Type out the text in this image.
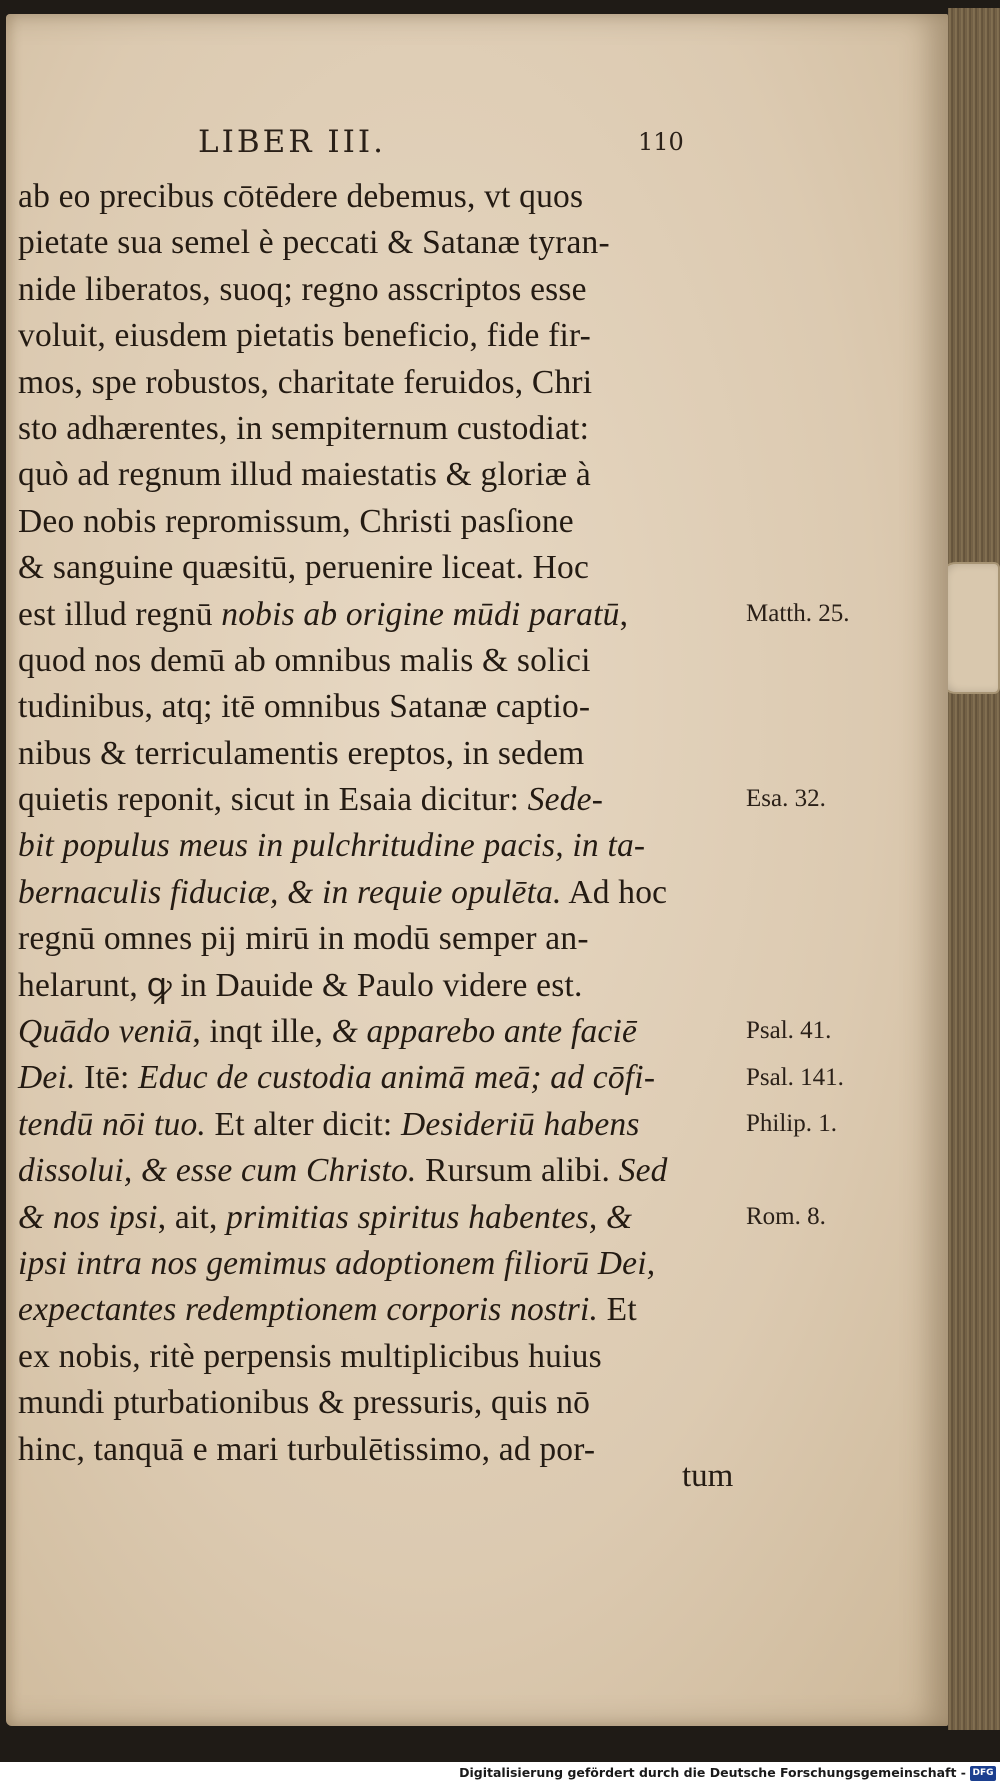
LIBER III.	110
ab eo precibus cōtēdere debemus, vt quos
pietate sua semel è peccati & Satanæ tyran-
nide liberatos, suoq; regno asscriptos esse
voluit, eiusdem pietatis beneficio, fide fir-
mos, spe robustos, charitate feruidos, Chri
sto adhærentes, in sempiternum custodiat:
quò ad regnum illud maiestatis & gloriæ à
Deo nobis repromissum, Christi pasſione
& sanguine quæsitū, peruenire liceat. Hoc
est illud regnū nobis ab origine mūdi paratū,
quod nos demū ab omnibus malis & solici
tudinibus, atq; itē omnibus Satanæ captio-
nibus & terriculamentis ereptos, in sedem
quietis reponit, sicut in Esaia dicitur: Sede-
bit populus meus in pulchritudine pacis, in ta-
bernaculis fiduciæ, & in requie opulēta. Ad hoc
regnū omnes pij mirū in modū semper an-
helarunt, ꝙ in Dauide & Paulo videre est.
Quādo veniā, inqt ille, & apparebo ante faciē
Dei. Itē: Educ de custodia animā meā; ad cōfi-
tendū nōi tuo. Et alter dicit: Desideriū habens
dissolui, & esse cum Christo. Rursum alibi. Sed
& nos ipsi, ait, primitias spiritus habentes, &
ipsi intra nos gemimus adoptionem filiorū Dei,
expectantes redemptionem corporis nostri. Et
ex nobis, ritè perpensis multiplicibus huius
mundi pturbationibus & pressuris, quis nō
hinc, tanquā e mari turbulētissimo, ad por-
Matth. 25.
Esa. 32.
Psal. 41.
Psal. 141.
Philip. 1.
Rom. 8.
tum
Digitalisierung gefördert durch die Deutsche Forschungsgemeinschaft - DFG
